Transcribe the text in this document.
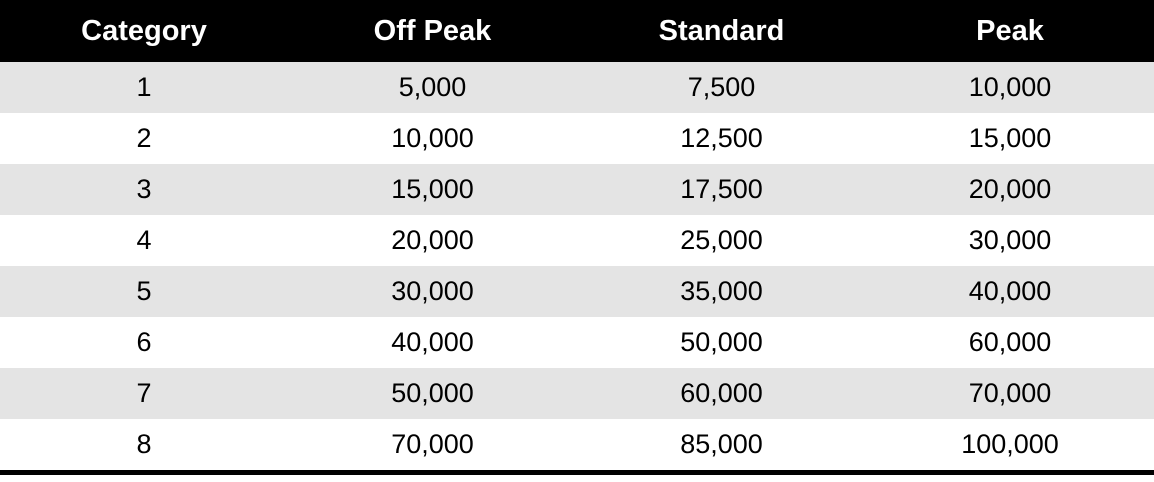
Category	Off Peak	Standard	Peak
1	5,000	7,500	10,000
2	10,000	12,500	15,000
3	15,000	17,500	20,000
4	20,000	25,000	30,000
5	30,000	35,000	40,000
6	40,000	50,000	60,000
7	50,000	60,000	70,000
8	70,000	85,000	100,000
